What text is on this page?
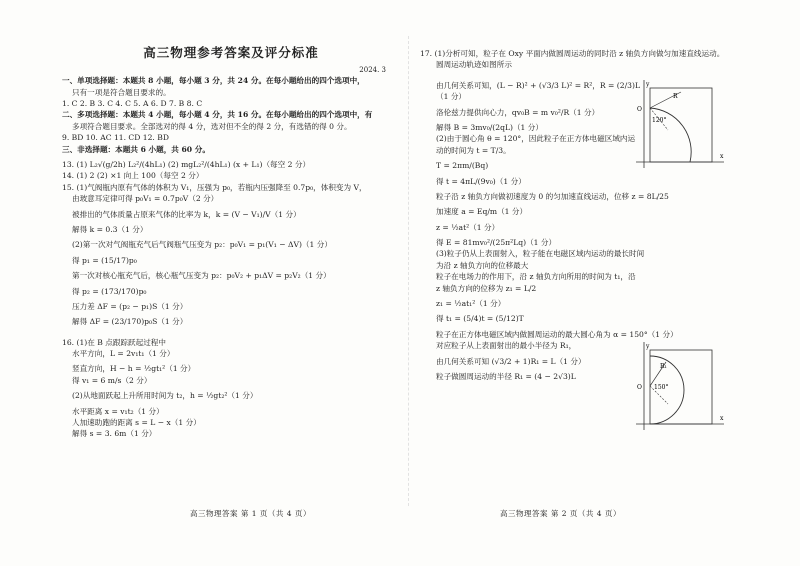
高三物理参考答案及评分标准
2024. 3
一、单项选择题：本题共 8 小题，每小题 3 分，共 24 分。在每小题给出的四个选项中，
只有一项是符合题目要求的。
1. C 2. B 3. C 4. C 5. A 6. D 7. B 8. C
二、多项选择题：本题共 4 小题，每小题 4 分，共 16 分。在每小题给出的四个选项中，有
多项符合题目要求。全部选对的得 4 分，选对但不全的得 2 分，有选错的得 0 分。
9. BD 10. AC 11. CD 12. BD
三、非选择题：本题共 6 小题，共 60 分。
13. (1) L₂√(g/2h) L₂²/(4hL₁) (2) mgL₂²/(4hL₁) (x + L₁)（每空 2 分）
14. (1) 2 (2) ×1 向上 100（每空 2 分）
15. (1)气阀瓶内原有气体的体积为 V₁，压强为 p₀，若瓶内压强降至 0.7p₀，体积变为 V，
由玻意耳定律可得 p₀V₁ = 0.7p₀V（2 分）
被排出的气体质量占原来气体的比率为 k，k = (V − V₁)/V（1 分）
解得 k = 0.3（1 分）
(2)第一次对气阀瓶充气后气阀瓶气压变为 p₂：p₀V₁ = p₁(V₁ − ΔV)（1 分）
得 p₁ = (15/17)p₀
第一次对核心瓶充气后，核心瓶气压变为 p₂：p₀V₂ + p₁ΔV = p₂V₂（1 分）
得 p₂ = (173/170)p₀
压力差 ΔF = (p₂ − p₁)S（1 分）
解得 ΔF = (23/170)p₀S（1 分）
16. (1)在 B 点跟踪跃起过程中
水平方向，L = 2v₁t₁（1 分）
竖直方向，H − h = ½gt₁²（1 分）
得 v₁ = 6 m/s（2 分）
(2)从地面跃起上升所用时间为 t₂，h = ½gt₂²（1 分）
水平距离 x = v₁t₂（1 分）
人加速助跑的距离 s = L − x（1 分）
解得 s = 3. 6m（1 分）
17. (1)分析可知，粒子在 Oxy 平面内做圆周运动的同时沿 z 轴负方向做匀加速直线运动。
圆周运动轨迹如图所示
由几何关系可知，(L − R)² + (√3/3 L)² = R²，R = (2/3)L（1 分）
洛伦兹力提供向心力，qv₀B = m v₀²/R（1 分）
解得 B = 3mv₀/(2qL)（1 分）
(2)由于圆心角 θ = 120°，因此粒子在正方体电磁区域内运
动的时间为 t = T/3。
T = 2πm/(Bq)
得 t = 4πL/(9v₀)（1 分）
粒子沿 z 轴负方向做初速度为 0 的匀加速直线运动，位移 z = 8L/25
加速度 a = Eq/m（1 分）
z = ½at²（1 分）
得 E = 81mv₀²/(25π²Lq)（1 分）
(3)粒子仍从上表面射入，粒子能在电磁区域内运动的最长时间
为沿 z 轴负方向的位移最大
粒子在电场力的作用下，沿 z 轴负方向所用的时间为 t₁，沿
z 轴负方向的位移为 z₁ = L/2
z₁ = ½at₁²（1 分）
得 t₁ = (5/4)t = (5/12)T
粒子在正方体电磁区域内做圆周运动的最大圆心角为 α = 150°（1 分）
对应粒子从上表面射出的最小半径为 R₁，
由几何关系可知 (√3/2 + 1)R₁ = L（1 分）
粒子做圆周运动的半径 R₁ = (4 − 2√3)L
x
y
O
R
120°
x
y
O
R₁
150°
高三物理答案 第 1 页（共 4 页）	高三物理答案 第 2 页（共 4 页）
